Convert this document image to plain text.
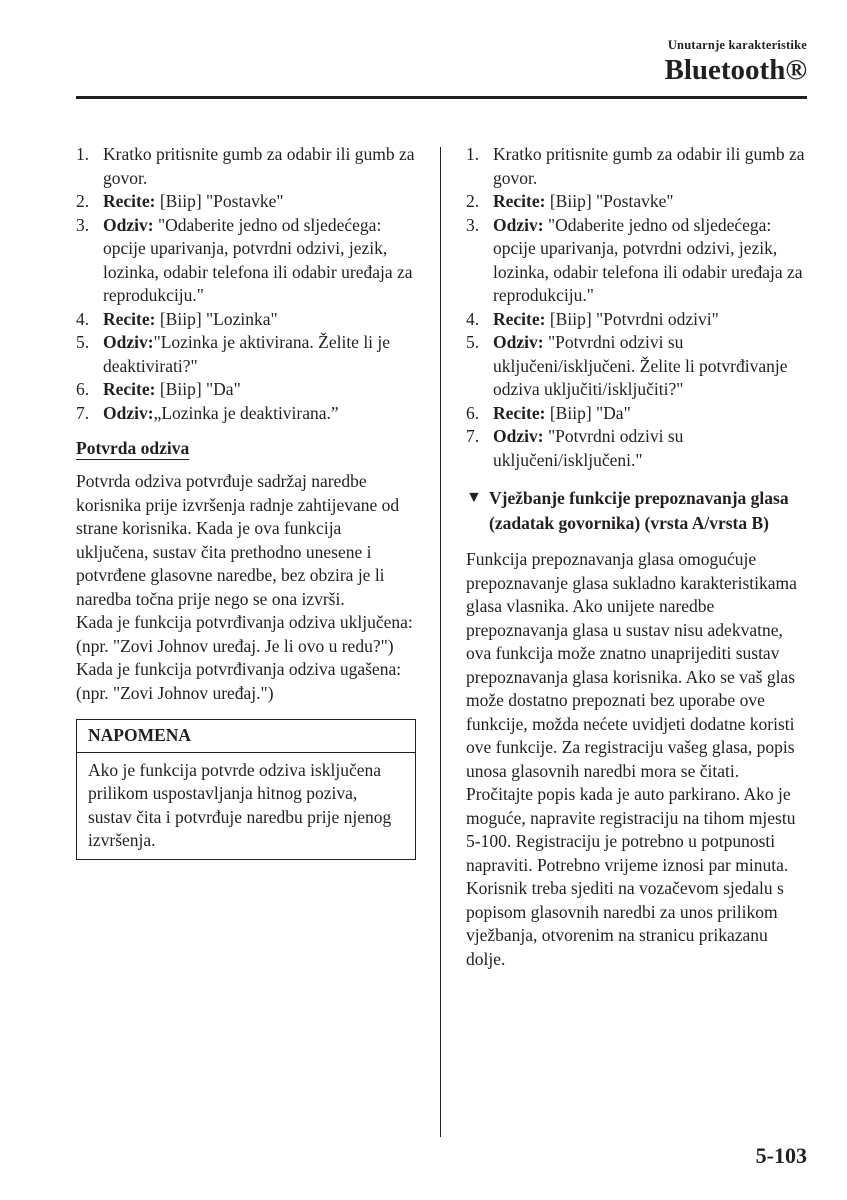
Unutarnje karakteristike
Bluetooth®
1. Kratko pritisnite gumb za odabir ili gumb za govor.
2. Recite: [Biip] "Postavke"
3. Odziv: "Odaberite jedno od sljedećega: opcije uparivanja, potvrdni odzivi, jezik, lozinka, odabir telefona ili odabir uređaja za reprodukciju."
4. Recite: [Biip] "Lozinka"
5. Odziv:"Lozinka je aktivirana. Želite li je deaktivirati?"
6. Recite: [Biip] "Da"
7. Odziv:„Lozinka je deaktivirana.”
Potvrda odziva

Potvrda odziva potvrđuje sadržaj naredbe korisnika prije izvršenja radnje zahtijevane od strane korisnika. Kada je ova funkcija uključena, sustav čita prethodno unesene i potvrđene glasovne naredbe, bez obzira je li naredba točna prije nego se ona izvrši.

Kada je funkcija potvrđivanja odziva uključena:

(npr. "Zovi Johnov uređaj. Je li ovo u redu?")

Kada je funkcija potvrđivanja odziva ugašena:

(npr. "Zovi Johnov uređaj.")

NAPOMENA
Ako je funkcija potvrde odziva isključena prilikom uspostavljanja hitnog poziva, sustav čita i potvrđuje naredbu prije njenog izvršenja.
1. Kratko pritisnite gumb za odabir ili gumb za govor.
2. Recite: [Biip] "Postavke"
3. Odziv: "Odaberite jedno od sljedećega: opcije uparivanja, potvrdni odzivi, jezik, lozinka, odabir telefona ili odabir uređaja za reprodukciju."
4. Recite: [Biip] "Potvrdni odzivi"
5. Odziv: "Potvrdni odzivi su uključeni/isključeni. Želite li potvrđivanje odziva uključiti/isključiti?"
6. Recite: [Biip] "Da"
7. Odziv: "Potvrdni odzivi su uključeni/isključeni."
▼ Vježbanje funkcije prepoznavanja glasa (zadatak govornika) (vrsta A/vrsta B)

Funkcija prepoznavanja glasa omogućuje prepoznavanje glasa sukladno karakteristikama glasa vlasnika. Ako unijete naredbe prepoznavanja glasa u sustav nisu adekvatne, ova funkcija može znatno unaprijediti sustav prepoznavanja glasa korisnika. Ako se vaš glas može dostatno prepoznati bez uporabe ove funkcije, možda nećete uvidjeti dodatne koristi ove funkcije. Za registraciju vašeg glasa, popis unosa glasovnih naredbi mora se čitati. Pročitajte popis kada je auto parkirano. Ako je moguće, napravite registraciju na tihom mjestu 5-100. Registraciju je potrebno u potpunosti napraviti. Potrebno vrijeme iznosi par minuta. Korisnik treba sjediti na vozačevom sjedalu s popisom glasovnih naredbi za unos prilikom vježbanja, otvorenim na stranicu prikazanu dolje.

5-103
